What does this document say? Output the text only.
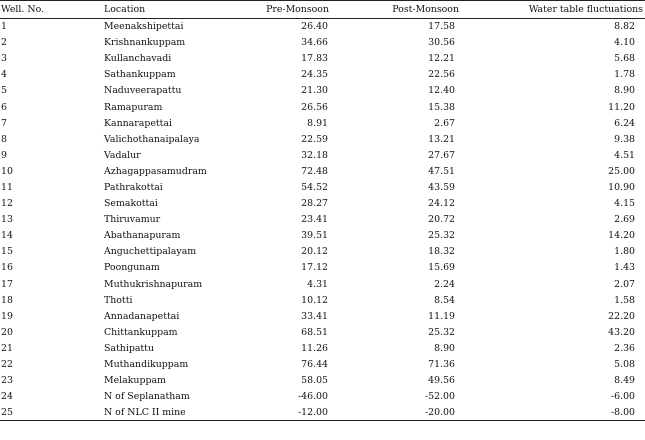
Well. No.	Location	Pre-Monsoon	Post-Monsoon	Water table fluctuations
1	Meenakshipettai	26.40	17.58	8.82
2	Krishnankuppam	34.66	30.56	4.10
3	Kullanchavadi	17.83	12.21	5.68
4	Sathankuppam	24.35	22.56	1.78
5	Naduveerapattu	21.30	12.40	8.90
6	Ramapuram	26.56	15.38	11.20
7	Kannarapettai	8.91	2.67	6.24
8	Valichothanaipalaya	22.59	13.21	9.38
9	Vadalur	32.18	27.67	4.51
10	Azhagappasamudram	72.48	47.51	25.00
11	Pathrakottai	54.52	43.59	10.90
12	Semakottai	28.27	24.12	4.15
13	Thiruvamur	23.41	20.72	2.69
14	Abathanapuram	39.51	25.32	14.20
15	Anguchettipalayam	20.12	18.32	1.80
16	Poongunam	17.12	15.69	1.43
17	Muthukrishnapuram	4.31	2.24	2.07
18	Thotti	10.12	8.54	1.58
19	Annadanapettai	33.41	11.19	22.20
20	Chittankuppam	68.51	25.32	43.20
21	Sathipattu	11.26	8.90	2.36
22	Muthandikuppam	76.44	71.36	5.08
23	Melakuppam	58.05	49.56	8.49
24	N of Seplanatham	-46.00	-52.00	-6.00
25	N of NLC II mine	-12.00	-20.00	-8.00
